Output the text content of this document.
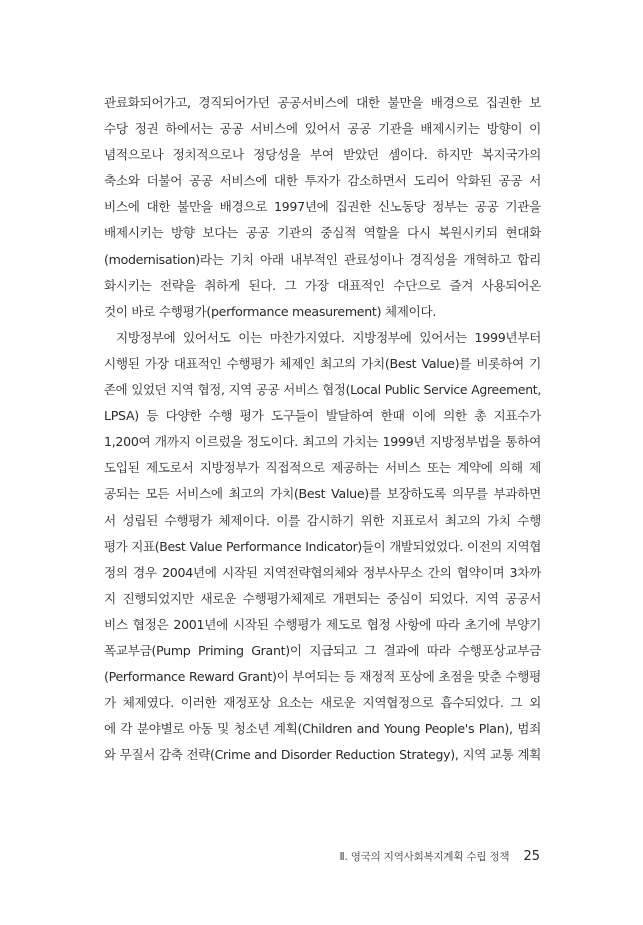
관료화되어가고, 경직되어가던 공공서비스에 대한 불만을 배경으로 집권한 보
수당 정권 하에서는 공공 서비스에 있어서 공공 기관을 배제시키는 방향이 이
념적으로나 정치적으로나 정당성을 부여 받았던 셈이다. 하지만 복지국가의
축소와 더불어 공공 서비스에 대한 투자가 감소하면서 도리어 악화된 공공 서
비스에 대한 불만을 배경으로 1997년에 집권한 신노동당 정부는 공공 기관을
배제시키는 방향 보다는 공공 기관의 중심적 역할을 다시 복원시키되 현대화
(modernisation)라는 기치 아래 내부적인 관료성이나 경직성을 개혁하고 합리
화시키는 전략을 취하게 된다. 그 가장 대표적인 수단으로 즐겨 사용되어온
것이 바로 수행평가(performance measurement) 체제이다.
지방정부에 있어서도 이는 마찬가지였다. 지방정부에 있어서는 1999년부터
시행된 가장 대표적인 수행평가 체제인 최고의 가치(Best Value)를 비롯하여 기
존에 있었던 지역 협정, 지역 공공 서비스 협정(Local Public Service Agreement,
LPSA) 등 다양한 수행 평가 도구들이 발달하여 한때 이에 의한 총 지표수가
1,200여 개까지 이르렀을 정도이다. 최고의 가치는 1999년 지방정부법을 통하여
도입된 제도로서 지방정부가 직접적으로 제공하는 서비스 또는 계약에 의해 제
공되는 모든 서비스에 최고의 가치(Best Value)를 보장하도록 의무를 부과하면
서 성립된 수행평가 체제이다. 이를 감시하기 위한 지표로서 최고의 가치 수행
평가 지표(Best Value Performance Indicator)들이 개발되었었다. 이전의 지역협
정의 경우 2004년에 시작된 지역전략협의체와 정부사무소 간의 협약이며 3차까
지 진행되었지만 새로운 수행평가체제로 개편되는 중심이 되었다. 지역 공공서
비스 협정은 2001년에 시작된 수행평가 제도로 협정 사항에 따라 초기에 부양기
폭교부금(Pump Priming Grant)이 지급되고 그 결과에 따라 수행포상교부금
(Performance Reward Grant)이 부여되는 등 재정적 포상에 초점을 맞춘 수행평
가 체제였다. 이러한 재정포상 요소는 새로운 지역협정으로 흡수되었다. 그 외
에 각 분야별로 아동 및 청소년 계획(Children and Young People's Plan), 범죄
와 무질서 감축 전략(Crime and Disorder Reduction Strategy), 지역 교통 계획
Ⅱ. 영국의 지역사회복지계획 수립 정책 25
